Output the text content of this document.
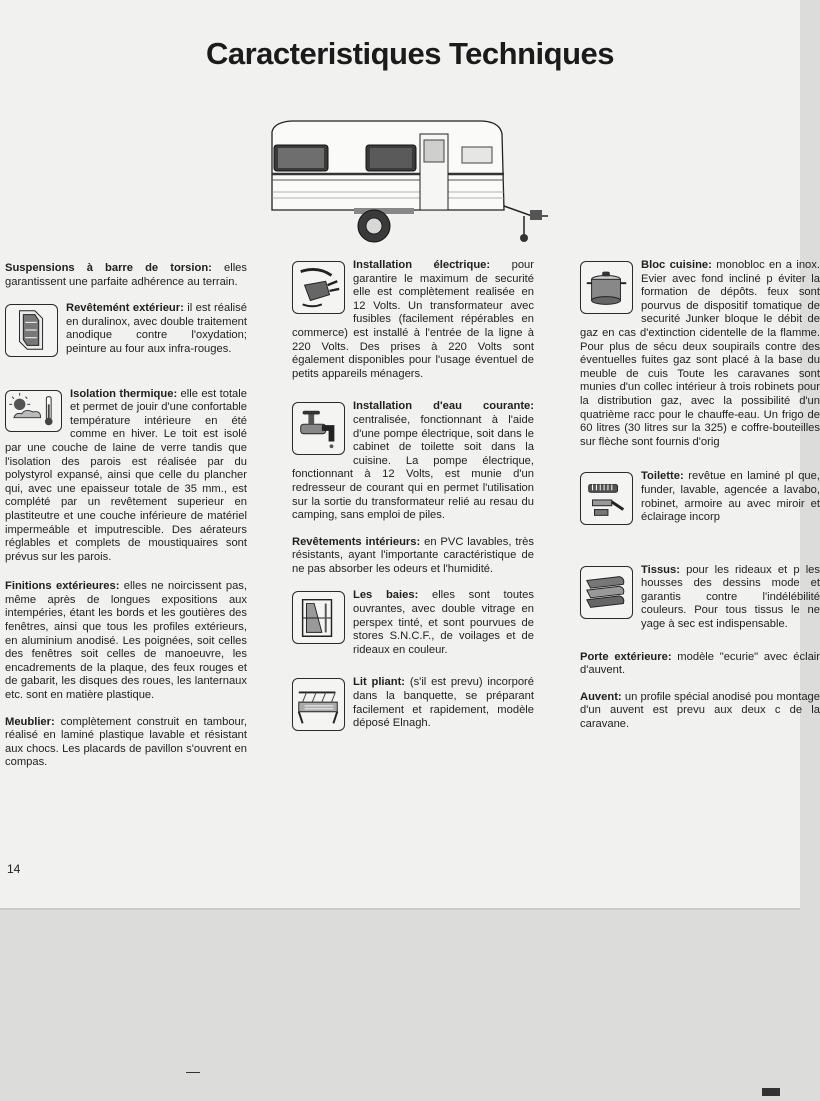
Caracteristiques Techniques

Suspensions à barre de torsion: elles garantissent une parfaite adhérence au terrain.

Revêtemént extérieur: il est réalisé en duralinox, avec double traitement anodique contre l'oxydation; peinture au four aux infra-rouges.

Isolation thermique: elle est totale et permet de jouir d'une confortable température intérieure en été comme en hiver. Le toit est isolé par une couche de laine de verre tandis que l'isolation des parois est réalisée par du polystyrol expansé, ainsi que celle du plancher qui, avec une epaisseur totale de 35 mm., est complété par un revêtement superieur en plastiteutre et une couche inférieure de matériel impermeáble et imputrescible. Des aérateurs réglables et complets de moustiquaires sont prévus sur les parois.

Finitions extérieures: elles ne noircissent pas, même après de longues expositions aux intempéries, étant les bords et les goutières des fenêtres, ainsi que tous les profiles extérieurs, en aluminium anodisé. Les poignées, soit celles des fenêtres soit celles de manoeuvre, les encadrements de la plaque, des feux rouges et de gabarit, les disques des roues, les lanternaux etc. sont en matière plastique.

Meublier: complètement construit en tambour, réalisé en laminé plastique lavable et résistant aux chocs. Les placards de pavillon s'ouvrent en compas.

Installation électrique: pour garantire le maximum de securité elle est complètement realisée en 12 Volts. Un transformateur avec fusibles (facilement répérables en commerce) est installé à l'entrée de la ligne à 220 Volts. Des prises à 220 Volts sont également disponibles pour l'usage éventuel de petits appareils ménagers.

Installation d'eau courante: centralisée, fonctionnant à l'aide d'une pompe électrique, soit dans le cabinet de toilette soit dans la cuisine. La pompe électrique, fonctionnant à 12 Volts, est munie d'un redresseur de courant qui en permet l'utilisation sur la sortie du transformateur relié au resau du camping, sans emploi de piles.

Revêtements intérieurs: en PVC lavables, très résistants, ayant l'importante caractéristique de ne pas absorber les odeurs et l'humidité.

Les baies: elles sont toutes ouvrantes, avec double vitrage en perspex tinté, et sont pourvues de stores S.N.C.F., de voilages et de rideaux en couleur.

Lit pliant: (s'il est prevu) incorporé dans la banquette, se préparant facilement et rapidement, modèle déposé Elnagh.

Bloc cuisine: monobloc en a inox. Evier avec fond incliné p éviter la formation de dépôts. feux sont pourvus de dispositif tomatique de securité Junker bloque le débit de gaz en cas d'extinction cidentelle de la flamme. Pour plus de sécu deux soupirails contre des éventuelles fuites gaz sont placé à la base du meuble de cuis Toute les caravanes sont munies d'un collec intérieur à trois robinets pour la distribution gaz, avec la possibilité d'un quatrième racc pour le chauffe-eau. Un frigo de 60 litres (30 litres sur la 325) e coffre-bouteilles sur flèche sont fournis d'orig

Toilette: revêtue en laminé pl que, funder, lavable, agencée a lavabo, robinet, armoire au avec miroir et éclairage incorp

Tissus: pour les rideaux et p les housses des dessins mode et garantis contre l'indélébilité couleurs. Pour tous tissus le ne yage à sec est indispensable.

Porte extérieure: modèle "ecurie" avec éclair d'auvent.

Auvent: un profile spécial anodisé pou montage d'un auvent est prevu aux deux c de la caravane.

14
